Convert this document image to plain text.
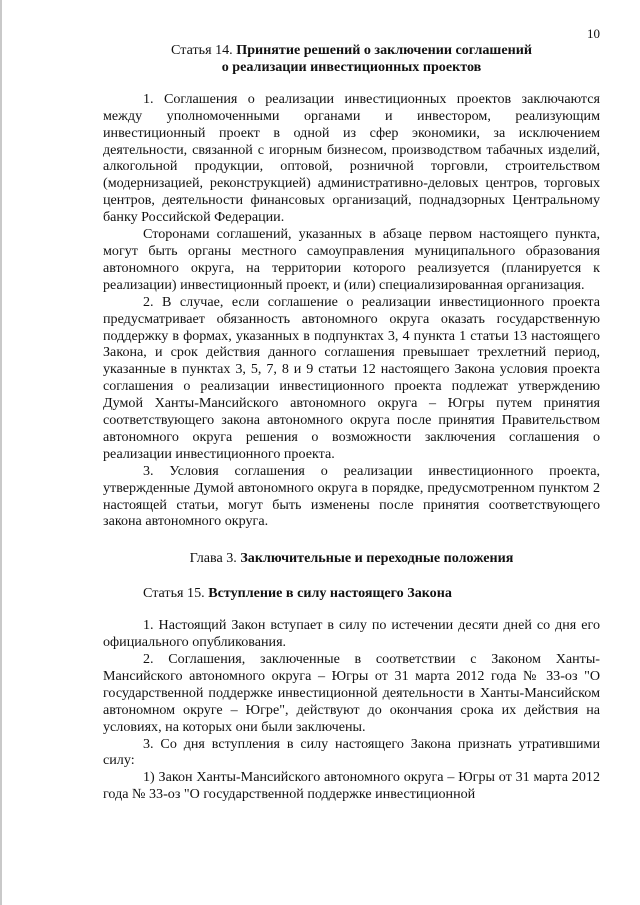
10
Статья 14. Принятие решений о заключении соглашений
о реализации инвестиционных проектов

1. Соглашения о реализации инвестиционных проектов заключаются между уполномоченными органами и инвестором, реализующим инвестиционный проект в одной из сфер экономики, за исключением деятельности, связанной с игорным бизнесом, производством табачных изделий, алкогольной продукции, оптовой, розничной торговли, строительством (модернизацией, реконструкцией) административно-деловых центров, торговых центров, деятельности финансовых организаций, поднадзорных Центральному банку Российской Федерации.

Сторонами соглашений, указанных в абзаце первом настоящего пункта, могут быть органы местного самоуправления муниципального образования автономного округа, на территории которого реализуется (планируется к реализации) инвестиционный проект, и (или) специализированная организация.

2. В случае, если соглашение о реализации инвестиционного проекта предусматривает обязанность автономного округа оказать государственную поддержку в формах, указанных в подпунктах 3, 4 пункта 1 статьи 13 настоящего Закона, и срок действия данного соглашения превышает трехлетний период, указанные в пунктах 3, 5, 7, 8 и 9 статьи 12 настоящего Закона условия проекта соглашения о реализации инвестиционного проекта подлежат утверждению Думой Ханты-Мансийского автономного округа – Югры путем принятия соответствующего закона автономного округа после принятия Правительством автономного округа решения о возможности заключения соглашения о реализации инвестиционного проекта.

3. Условия соглашения о реализации инвестиционного проекта, утвержденные Думой автономного округа в порядке, предусмотренном пунктом 2 настоящей статьи, могут быть изменены после принятия соответствующего закона автономного округа.

Глава 3. Заключительные и переходные положения
Статья 15. Вступление в силу настоящего Закона

1. Настоящий Закон вступает в силу по истечении десяти дней со дня его официального опубликования.

2. Соглашения, заключенные в соответствии с Законом Ханты-Мансийского автономного округа – Югры от 31 марта 2012 года № 33-оз "О государственной поддержке инвестиционной деятельности в Ханты-Мансийском автономном округе – Югре", действуют до окончания срока их действия на условиях, на которых они были заключены.

3. Со дня вступления в силу настоящего Закона признать утратившими силу:

1) Закон Ханты-Мансийского автономного округа – Югры от 31 марта 2012 года № 33-оз "О государственной поддержке инвестиционной
